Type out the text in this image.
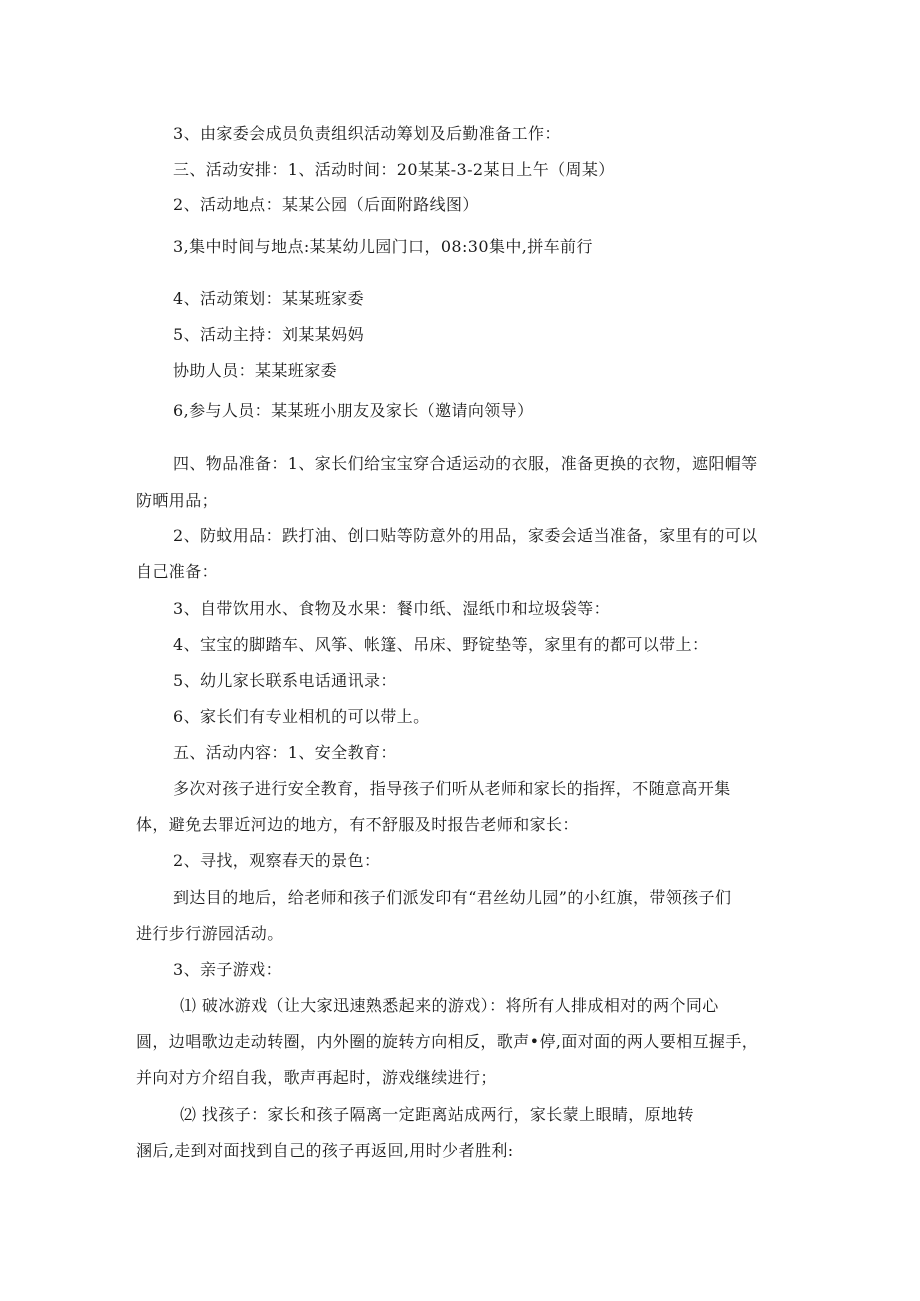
3、由家委会成员负责组织活动筹划及后勤准备工作：

三、活动安排：1、活动时间：20某某-3-2某日上午（周某）

2、活动地点：某某公园（后面附路线图）

3,集中时间与地点:某某幼儿园门口，08:30集中,拼车前行

4、活动策划：某某班家委

5、活动主持：刘某某妈妈

协助人员：某某班家委

6,参与人员：某某班小朋友及家长（邀请向领导）

四、物品准备：1、家长们给宝宝穿合适运动的衣服，准备更换的衣物，遮阳帽等

防晒用品；

2、防蚊用品：跌打油、创口贴等防意外的用品，家委会适当准备，家里有的可以

自己准备：

3、自带饮用水、食物及水果：餐巾纸、湿纸巾和垃圾袋等：

4、宝宝的脚踏车、风筝、帐篷、吊床、野锭垫等，家里有的都可以带上：

5、幼儿家长联系电话通讯录：

6、家长们有专业相机的可以带上。

五、活动内容：1、安全教育：

多次对孩子进行安全教育，指导孩子们听从老师和家长的指挥，不随意高开集

体，避免去罪近河边的地方，有不舒服及时报告老师和家长：

2、寻找，观察春天的景色：

到达目的地后，给老师和孩子们派发印有“君丝幼儿园”的小红旗，带领孩子们

进行步行游园活动。

3、亲子游戏：

⑴ 破冰游戏（让大家迅速熟悉起来的游戏）：将所有人排成相对的两个同心

圆，边唱歌边走动转圈，内外圈的旋转方向相反，歌声•停,面对面的两人要相互握手，

并向对方介绍自我，歌声再起时，游戏继续进行；

⑵ 找孩子：家长和孩子隔离一定距离站成两行，家长蒙上眼睛，原地转

溷后,走到对面找到自己的孩子再返回,用时少者胜利:
